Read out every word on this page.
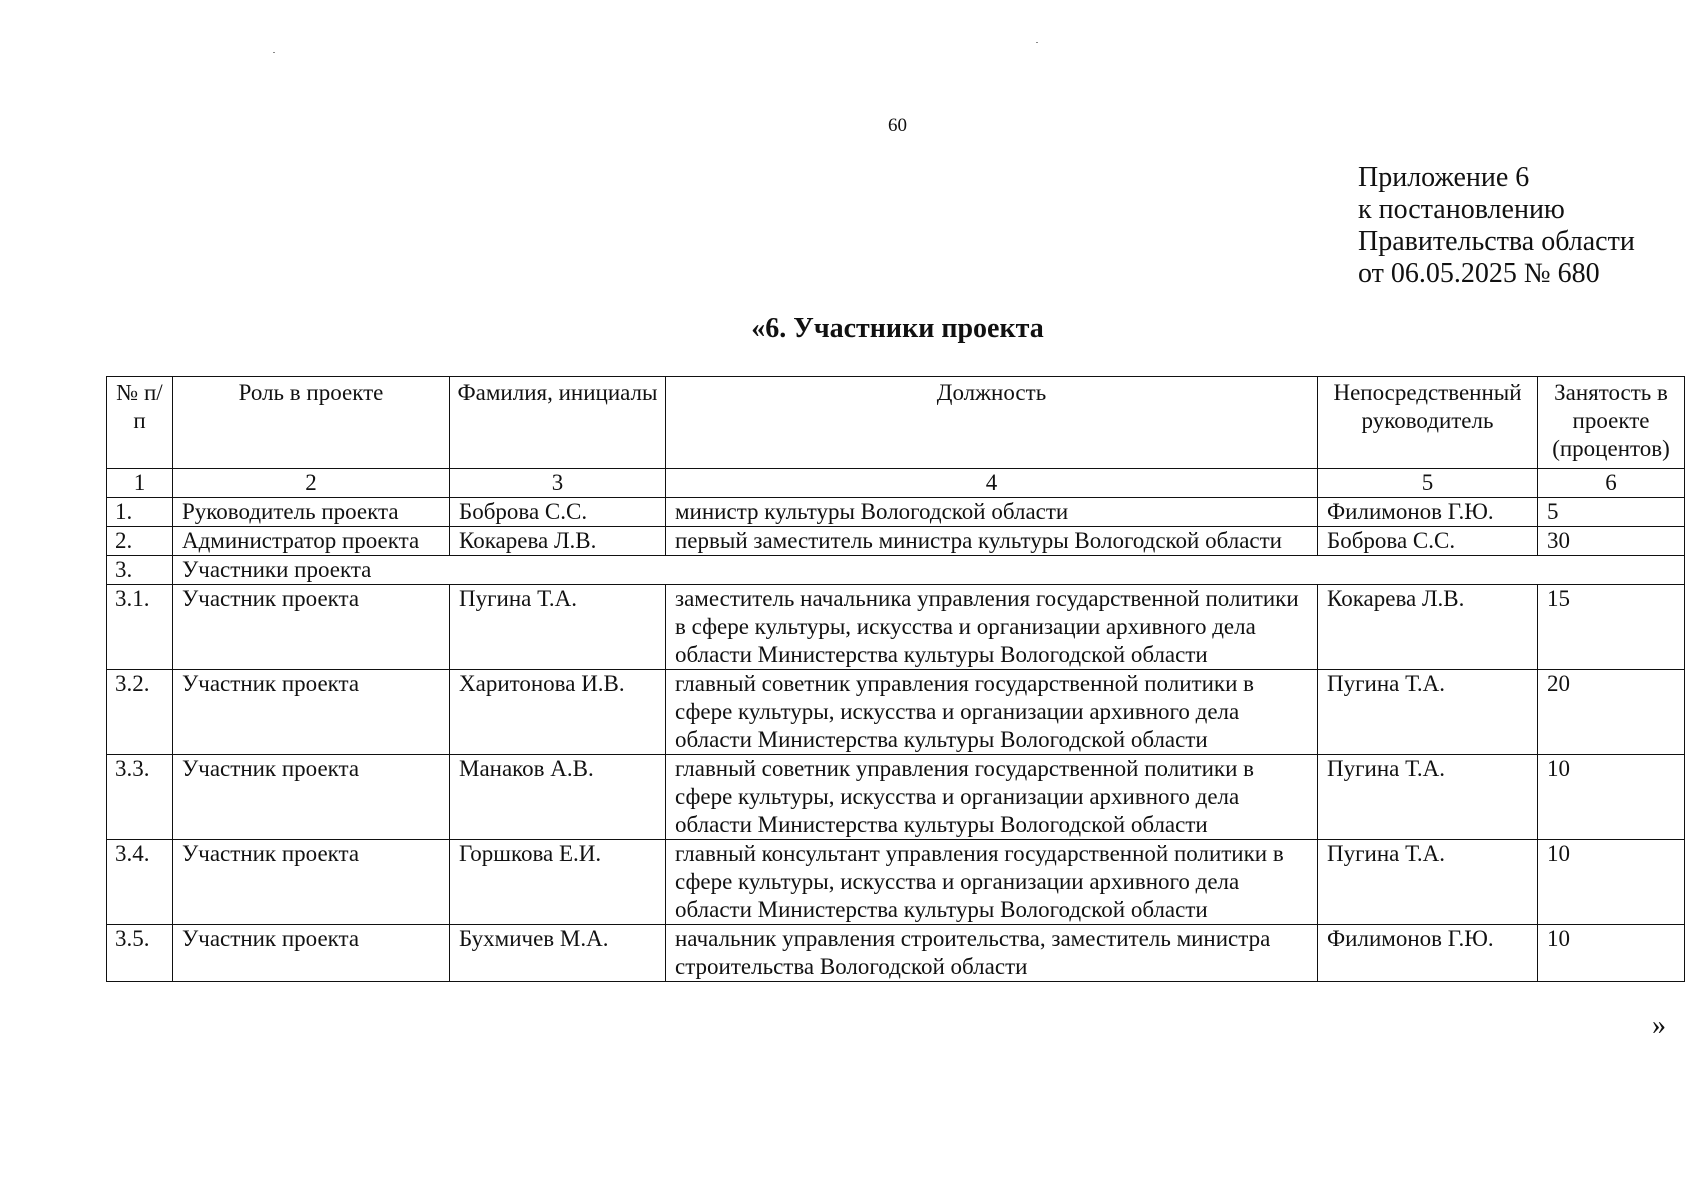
60
Приложение 6
к постановлению
Правительства области
от 06.05.2025 № 680
«6. Участники проекта
№ п/п	Роль в проекте	Фамилия, инициалы	Должность	Непосредственный руководитель	Занятость в проекте (процентов)
1	2	3	4	5	6
1.	Руководитель проекта	Боброва С.С.	министр культуры Вологодской области	Филимонов Г.Ю.	5
2.	Администратор проекта	Кокарева Л.В.	первый заместитель министра культуры Вологодской области	Боброва С.С.	30
3.	Участники проекта				
3.1.	Участник проекта	Пугина Т.А.	заместитель начальника управления государственной политики в сфере культуры, искусства и организации архивного дела области Министерства культуры Вологодской области	Кокарева Л.В.	15
3.2.	Участник проекта	Харитонова И.В.	главный советник управления государственной политики в сфере культуры, искусства и организации архивного дела области Министерства культуры Вологодской области	Пугина Т.А.	20
3.3.	Участник проекта	Манаков А.В.	главный советник управления государственной политики в сфере культуры, искусства и организации архивного дела области Министерства культуры Вологодской области	Пугина Т.А.	10
3.4.	Участник проекта	Горшкова Е.И.	главный консультант управления государственной политики в сфере культуры, искусства и организации архивного дела области Министерства культуры Вологодской области	Пугина Т.А.	10
3.5.	Участник проекта	Бухмичев М.А.	начальник управления строительства, заместитель министра строительства Вологодской области	Филимонов Г.Ю.	10
»
